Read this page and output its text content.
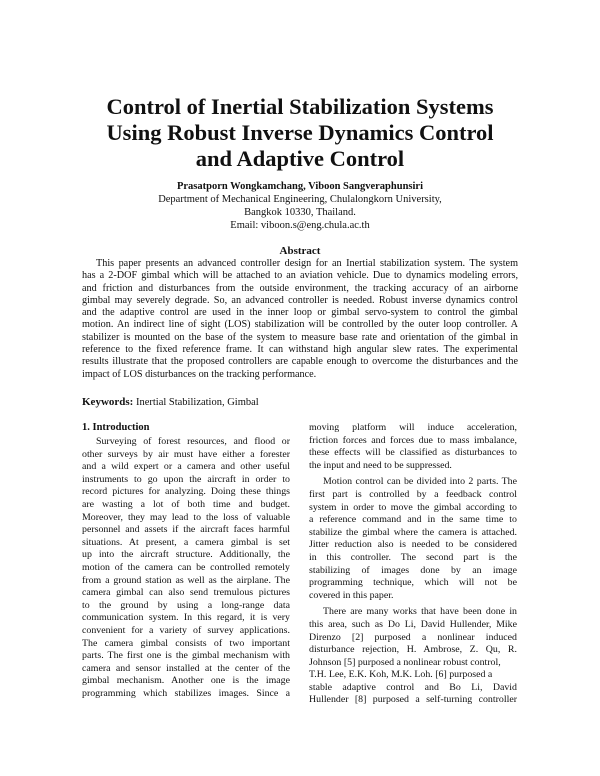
Control of Inertial Stabilization Systems
Using Robust Inverse Dynamics Control
and Adaptive Control
Prasatporn Wongkamchang, Viboon Sangveraphunsiri
Department of Mechanical Engineering, Chulalongkorn University,
Bangkok 10330, Thailand.
Email: viboon.s@eng.chula.ac.th
Abstract
This paper presents an advanced controller design for an Inertial stabilization system. The system
has a 2-DOF gimbal which will be attached to an aviation vehicle. Due to dynamics modeling errors,
and friction and disturbances from the outside environment, the tracking accuracy of an airborne
gimbal may severely degrade. So, an advanced controller is needed. Robust inverse dynamics control
and the adaptive control are used in the inner loop or gimbal servo-system to control the gimbal
motion. An indirect line of sight (LOS) stabilization will be controlled by the outer loop controller. A
stabilizer is mounted on the base of the system to measure base rate and orientation of the gimbal in
reference to the fixed reference frame. It can withstand high angular slew rates. The experimental
results illustrate that the proposed controllers are capable enough to overcome the disturbances and the
impact of LOS disturbances on the tracking performance.
Keywords: Inertial Stabilization, Gimbal
1. Introduction
Surveying of forest resources, and flood or
other surveys by air must have either a forester
and a wild expert or a camera and other useful
instruments to go upon the aircraft in order to
record pictures for analyzing. Doing these things
are wasting a lot of both time and budget.
Moreover, they may lead to the loss of valuable
personnel and assets if the aircraft faces harmful
situations. At present, a camera gimbal is set
up into the aircraft structure. Additionally, the
motion of the camera can be controlled remotely
from a ground station as well as the airplane. The
camera gimbal can also send tremulous pictures
to the ground by using a long-range data
communication system. In this regard, it is very
convenient for a variety of survey applications.
The camera gimbal consists of two important
parts. The first one is the gimbal mechanism with
camera and sensor installed at the center of the
gimbal mechanism. Another one is the image
programming which stabilizes images. Since a
moving platform will induce acceleration,
friction forces and forces due to mass imbalance,
these effects will be classified as disturbances to
the input and need to be suppressed.
Motion control can be divided into 2 parts. The
first part is controlled by a feedback control
system in order to move the gimbal according to
a reference command and in the same time to
stabilize the gimbal where the camera is attached.
Jitter reduction also is needed to be considered
in this controller. The second part is the
stabilizing of images done by an image
programming technique, which will not be
covered in this paper.
There are many works that have been done in
this area, such as Do Li, David Hullender, Mike
Direnzo [2] purposed a nonlinear induced
disturbance rejection, H. Ambrose, Z. Qu, R.
Johnson [5] purposed a nonlinear robust control,
T.H. Lee, E.K. Koh, M.K. Loh. [6] purposed a
stable adaptive control and Bo Li, David
Hullender [8] purposed a self-turning controller
